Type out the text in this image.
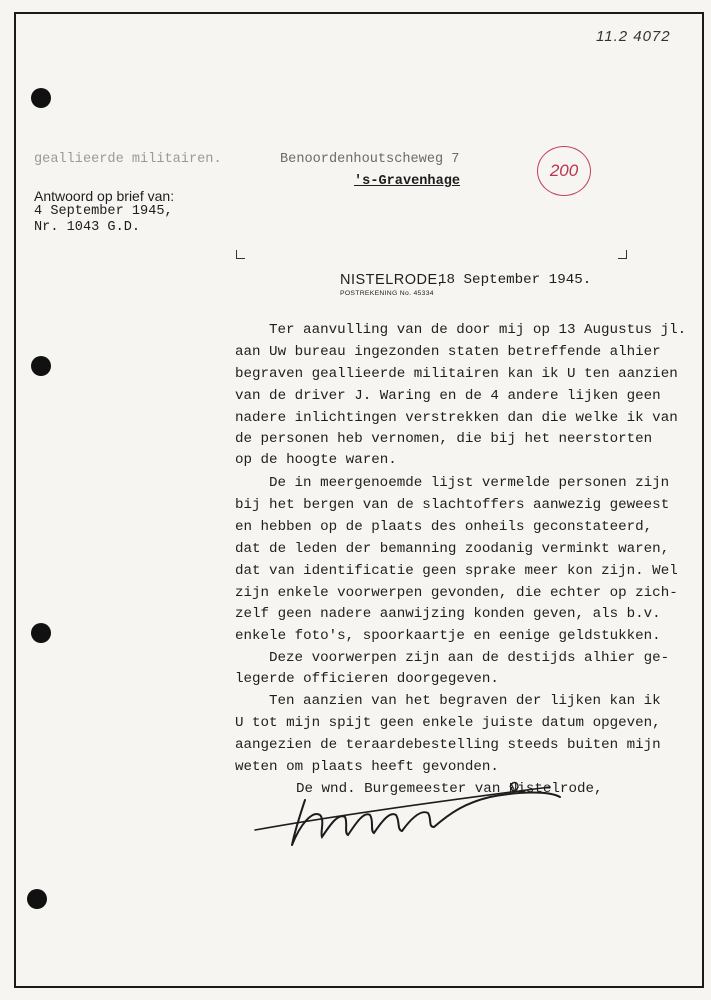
11.2 4072
200
geallieerde militairen.	Benoordenhoutscheweg 7
's-Gravenhage
Antwoord op brief van:
4 September 1945,
Nr. 1043 G.D.
NISTELRODE,
18 September 1945.
POSTREKENING No. 45334
Ter aanvulling van de door mij op 13 Augustus jl.
aan Uw bureau ingezonden staten betreffende alhier
begraven geallieerde militairen kan ik U ten aanzien
van de driver J. Waring en de 4 andere lijken geen
nadere inlichtingen verstrekken dan die welke ik van
de personen heb vernomen, die bij het neerstorten
op de hoogte waren.
De in meergenoemde lijst vermelde personen zijn
bij het bergen van de slachtoffers aanwezig geweest
en hebben op de plaats des onheils geconstateerd,
dat de leden der bemanning zoodanig verminkt waren,
dat van identificatie geen sprake meer kon zijn. Wel
zijn enkele voorwerpen gevonden, die echter op zich-
zelf geen nadere aanwijzing konden geven, als b.v.
enkele foto's, spoorkaartje en eenige geldstukken.
Deze voorwerpen zijn aan de destijds alhier ge-
legerde officieren doorgegeven.
Ten aanzien van het begraven der lijken kan ik
U tot mijn spijt geen enkele juiste datum opgeven,
aangezien de teraardebestelling steeds buiten mijn
weten om plaats heeft gevonden.
De wnd. Burgemeester van Nistelrode,
